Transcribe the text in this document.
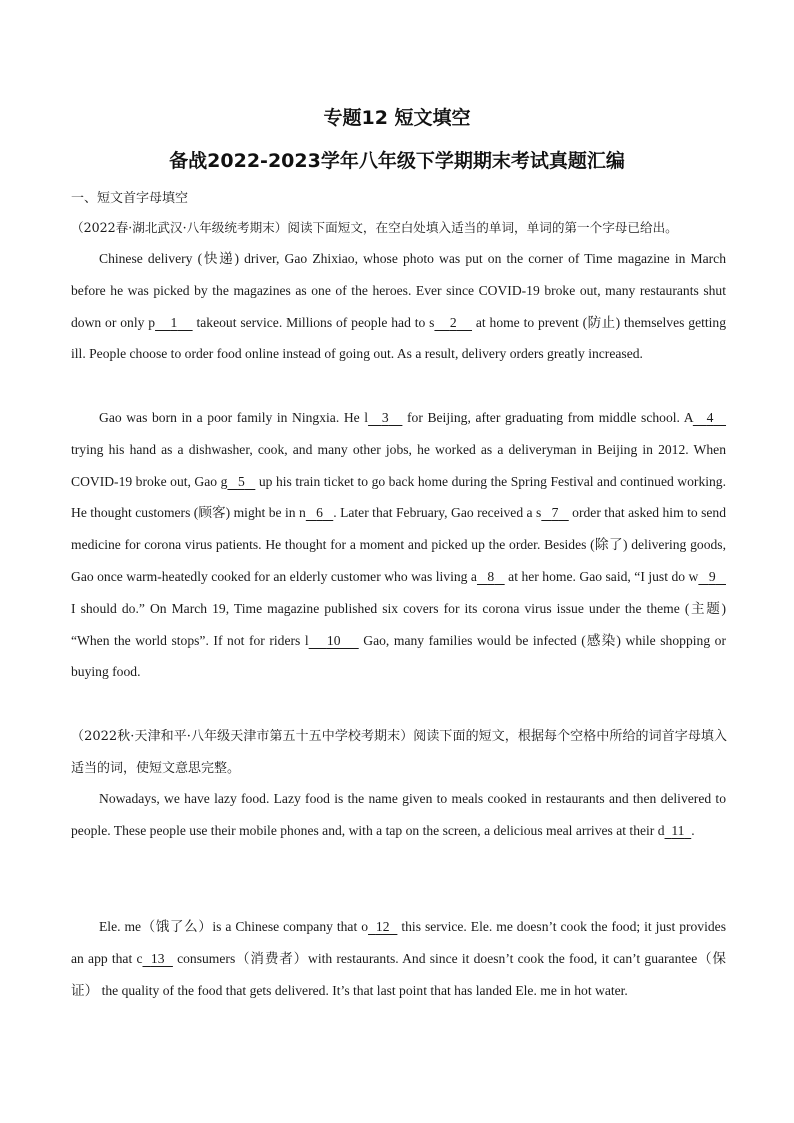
专题12 短文填空
备战2022-2023学年八年级下学期期末考试真题汇编
一、短文首字母填空
（2022春·湖北武汉·八年级统考期末）阅读下面短文，在空白处填入适当的单词，单词的第一个字母已给出。

Chinese delivery (快递) driver, Gao Zhixiao, whose photo was put on the corner of Time magazine in March before he was picked by the magazines as one of the heroes. Ever since COVID-19 broke out, many restaurants shut down or only p 1     takeout service. Millions of people had to s 2     at home to prevent (防止) themselves getting ill. People choose to order food online instead of going out. As a result, delivery orders greatly increased.

Gao was born in a poor family in Ningxia. He l 3    for Beijing, after graduating from middle school. A 4    trying his hand as a dishwasher, cook, and many other jobs, he worked as a deliveryman in Beijing in 2012. When COVID-19 broke out, Gao g 5    up his train ticket to go back home during the Spring Festival and continued working. He thought customers (顾客) might be in n 6 . Later that February, Gao received a s 7    order that asked him to send medicine for corona virus patients. He thought for a moment and picked up the order. Besides (除了) delivering goods, Gao once warm-heatedly cooked for an elderly customer who was living a 8    at her home. Gao said, “I just do w 9    I should do.” On March 19, Time magazine published six covers for its corona virus issue under the theme (主题) “When the world stops”. If not for riders l 10     Gao, many families would be infected (感染) while shopping or buying food.

（2022秋·天津和平·八年级天津市第五十五中学校考期末）阅读下面的短文，根据每个空格中所给的词首字母填入适当的词，使短文意思完整。

Nowadays, we have lazy food. Lazy food is the name given to meals cooked in restaurants and then delivered to people. These people use their mobile phones and, with a tap on the screen, a delicious meal arrives at their d 11 .

Ele. me（饿了么）is a Chinese company that o 12   this service. Ele. me doesn’t cook the food; it just provides an app that c 13   consumers（消费者）with restaurants. And since it doesn’t cook the food, it can’t guarantee（保证） the quality of the food that gets delivered. It’s that last point that has landed Ele. me in hot water.
